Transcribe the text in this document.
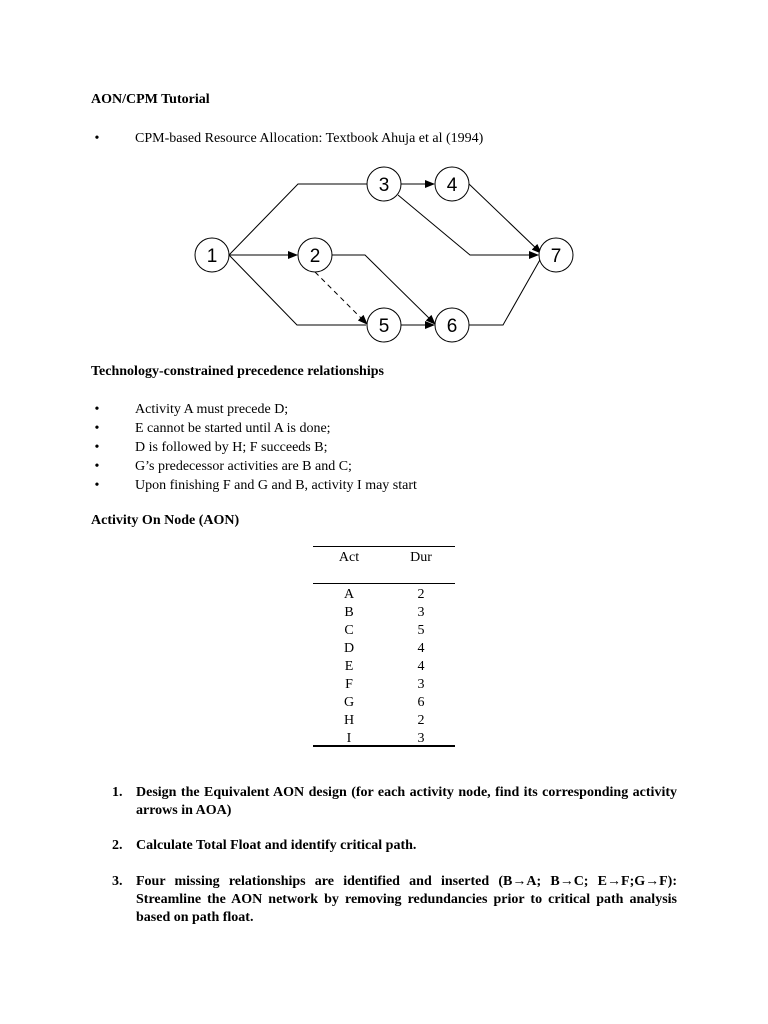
AON/CPM Tutorial
•	CPM-based Resource Allocation: Textbook Ahuja et al (1994)
1	2
3	4
5	6
7
Technology-constrained precedence relationships
•	Activity A must precede D;
•	E cannot be started until A is done;
•	D is followed by H; F succeeds B;
•	G’s predecessor activities are B and C;
•	Upon finishing F and G and B, activity I may start
Activity On Node (AON)
Act	Dur
A	2
B	3
C	5
D	4
E	4
F	3
G	6
H	2
I	3
1. Design the Equivalent AON design (for each activity node, find its corresponding activity arrows in AOA)
2. Calculate Total Float and identify critical path.
3. Four missing relationships are identified and inserted (B→A; B→C; E→F;G→F): Streamline the AON network by removing redundancies prior to critical path analysis based on path float.
